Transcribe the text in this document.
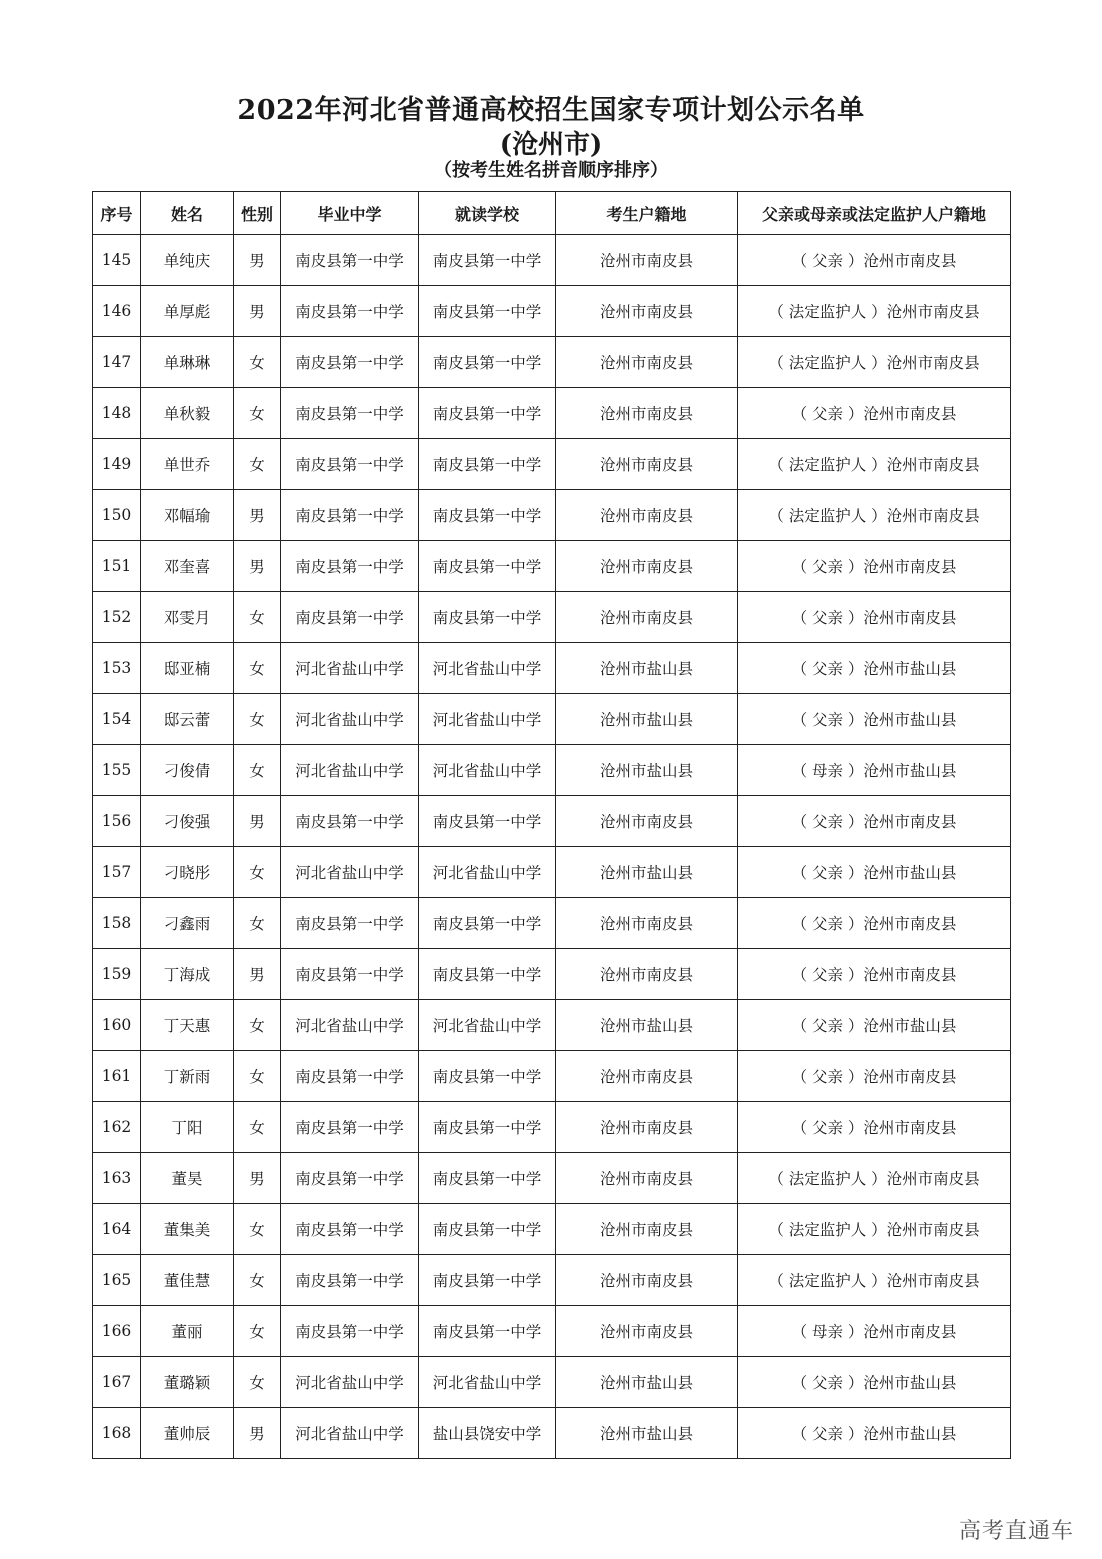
2022年河北省普通高校招生国家专项计划公示名单
(沧州市)
（按考生姓名拼音顺序排序）
序号	姓名	性别	毕业中学	就读学校	考生户籍地	父亲或母亲或法定监护人户籍地
145	单纯庆	男	南皮县第一中学	南皮县第一中学	沧州市南皮县	（ 父亲 ）沧州市南皮县
146	单厚彪	男	南皮县第一中学	南皮县第一中学	沧州市南皮县	（ 法定监护人 ）沧州市南皮县
147	单琳琳	女	南皮县第一中学	南皮县第一中学	沧州市南皮县	（ 法定监护人 ）沧州市南皮县
148	单秋毅	女	南皮县第一中学	南皮县第一中学	沧州市南皮县	（ 父亲 ）沧州市南皮县
149	单世乔	女	南皮县第一中学	南皮县第一中学	沧州市南皮县	（ 法定监护人 ）沧州市南皮县
150	邓幅瑜	男	南皮县第一中学	南皮县第一中学	沧州市南皮县	（ 法定监护人 ）沧州市南皮县
151	邓奎喜	男	南皮县第一中学	南皮县第一中学	沧州市南皮县	（ 父亲 ）沧州市南皮县
152	邓雯月	女	南皮县第一中学	南皮县第一中学	沧州市南皮县	（ 父亲 ）沧州市南皮县
153	邸亚楠	女	河北省盐山中学	河北省盐山中学	沧州市盐山县	（ 父亲 ）沧州市盐山县
154	邸云蕾	女	河北省盐山中学	河北省盐山中学	沧州市盐山县	（ 父亲 ）沧州市盐山县
155	刁俊倩	女	河北省盐山中学	河北省盐山中学	沧州市盐山县	（ 母亲 ）沧州市盐山县
156	刁俊强	男	南皮县第一中学	南皮县第一中学	沧州市南皮县	（ 父亲 ）沧州市南皮县
157	刁晓彤	女	河北省盐山中学	河北省盐山中学	沧州市盐山县	（ 父亲 ）沧州市盐山县
158	刁鑫雨	女	南皮县第一中学	南皮县第一中学	沧州市南皮县	（ 父亲 ）沧州市南皮县
159	丁海成	男	南皮县第一中学	南皮县第一中学	沧州市南皮县	（ 父亲 ）沧州市南皮县
160	丁天惠	女	河北省盐山中学	河北省盐山中学	沧州市盐山县	（ 父亲 ）沧州市盐山县
161	丁新雨	女	南皮县第一中学	南皮县第一中学	沧州市南皮县	（ 父亲 ）沧州市南皮县
162	丁阳	女	南皮县第一中学	南皮县第一中学	沧州市南皮县	（ 父亲 ）沧州市南皮县
163	董昊	男	南皮县第一中学	南皮县第一中学	沧州市南皮县	（ 法定监护人 ）沧州市南皮县
164	董集美	女	南皮县第一中学	南皮县第一中学	沧州市南皮县	（ 法定监护人 ）沧州市南皮县
165	董佳慧	女	南皮县第一中学	南皮县第一中学	沧州市南皮县	（ 法定监护人 ）沧州市南皮县
166	董丽	女	南皮县第一中学	南皮县第一中学	沧州市南皮县	（ 母亲 ）沧州市南皮县
167	董璐颖	女	河北省盐山中学	河北省盐山中学	沧州市盐山县	（ 父亲 ）沧州市盐山县
168	董帅辰	男	河北省盐山中学	盐山县饶安中学	沧州市盐山县	（ 父亲 ）沧州市盐山县
高考直通车
